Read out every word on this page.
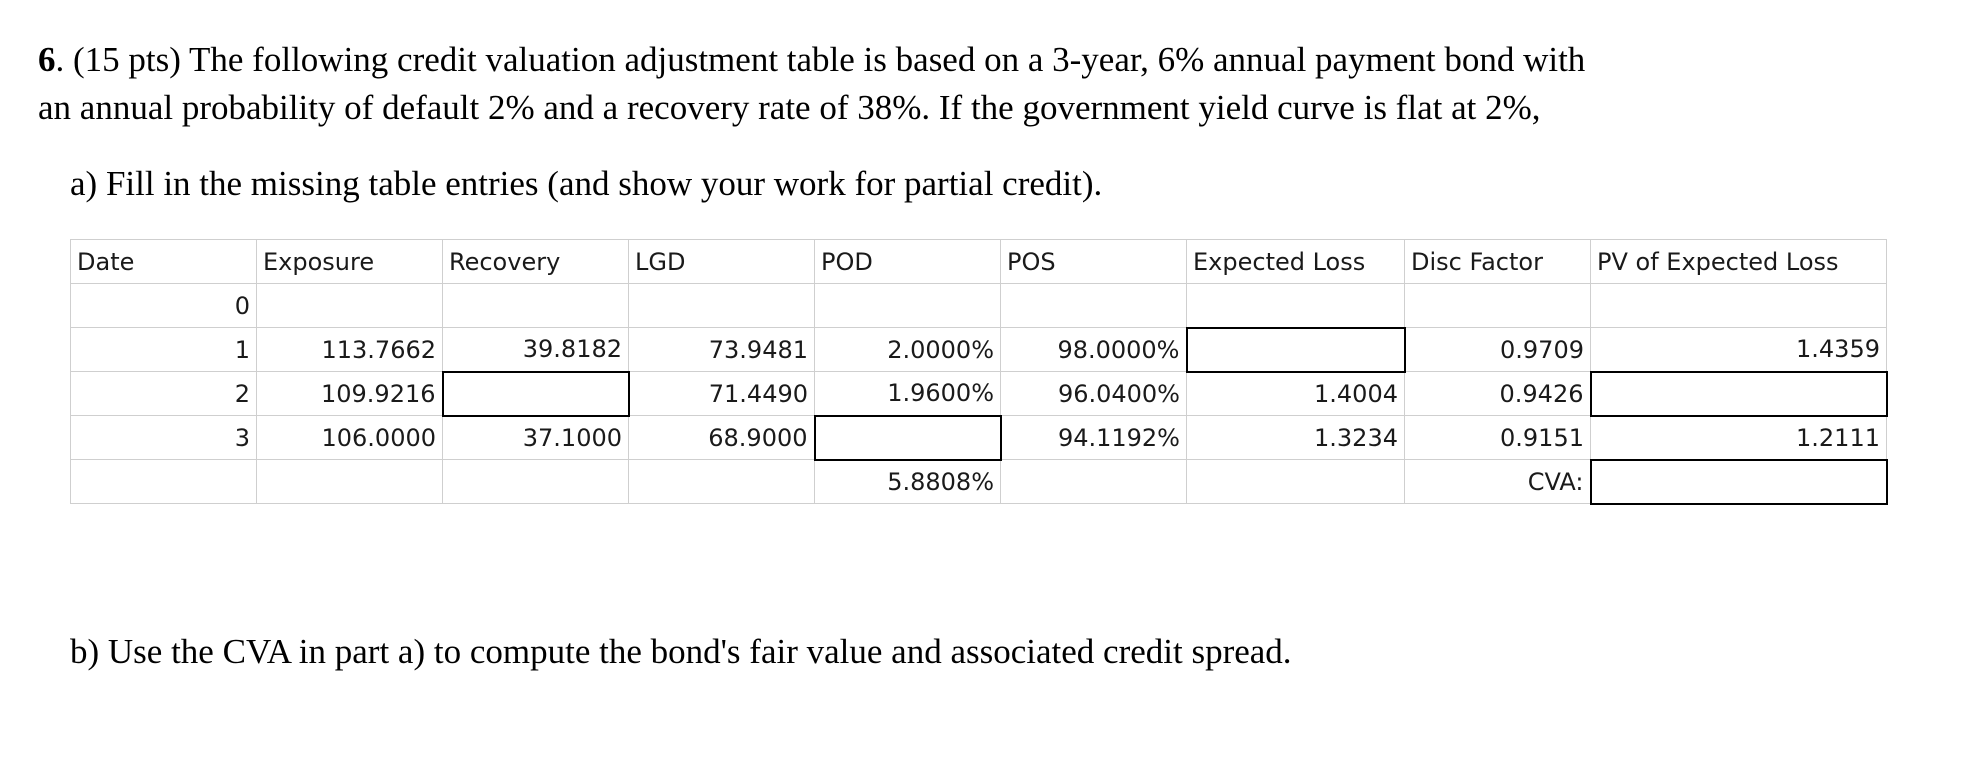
6. (15 pts) The following credit valuation adjustment table is based on a 3-year, 6% annual payment bond with
an annual probability of default 2% and a recovery rate of 38%. If the government yield curve is flat at 2%,
a) Fill in the missing table entries (and show your work for partial credit).
Date	Exposure	Recovery	LGD	POD	POS	Expected Loss	Disc Factor	PV of Expected Loss
0								
1	113.7662	39.8182	73.9481	2.0000%	98.0000%		0.9709	1.4359
2	109.9216		71.4490	1.9600%	96.0400%	1.4004	0.9426	
3	106.0000	37.1000	68.9000		94.1192%	1.3234	0.9151	1.2111
				5.8808%			CVA:	
b) Use the CVA in part a) to compute the bond's fair value and associated credit spread.
